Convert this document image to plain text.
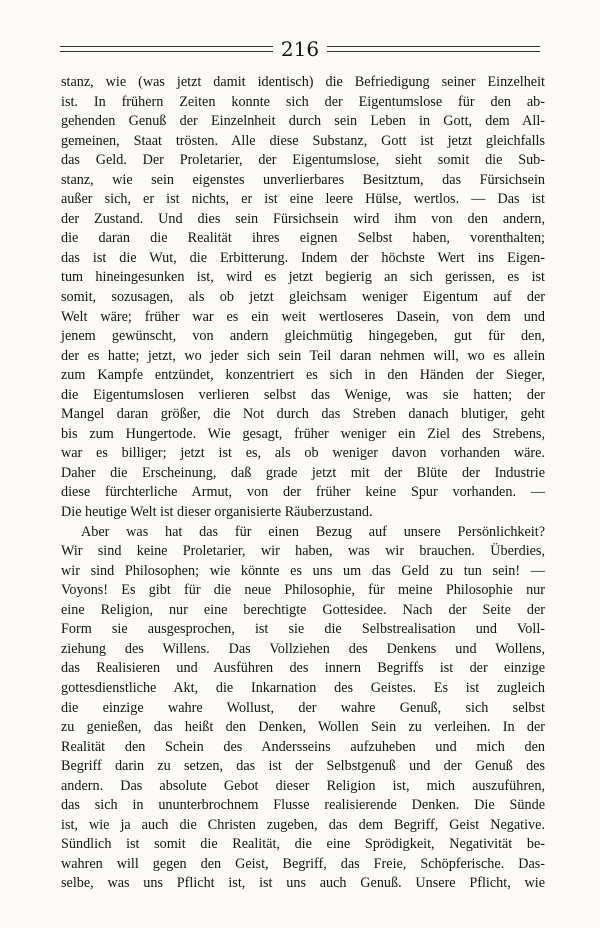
216
stanz, wie (was jetzt damit identisch) die Befriedigung seiner Einzelheit
ist. In frühern Zeiten konnte sich der Eigentumslose für den ab-
gehenden Genuß der Einzelnheit durch sein Leben in Gott, dem All-
gemeinen, Staat trösten. Alle diese Substanz, Gott ist jetzt gleichfalls
das Geld. Der Proletarier, der Eigentumslose, sieht somit die Sub-
stanz, wie sein eigenstes unverlierbares Besitztum, das Fürsichsein
außer sich, er ist nichts, er ist eine leere Hülse, wertlos. — Das ist
der Zustand. Und dies sein Fürsichsein wird ihm von den andern,
die daran die Realität ihres eignen Selbst haben, vorenthalten;
das ist die Wut, die Erbitterung. Indem der höchste Wert ins Eigen-
tum hineingesunken ist, wird es jetzt begierig an sich gerissen, es ist
somit, sozusagen, als ob jetzt gleichsam weniger Eigentum auf der
Welt wäre; früher war es ein weit wertloseres Dasein, von dem und
jenem gewünscht, von andern gleichmütig hingegeben, gut für den,
der es hatte; jetzt, wo jeder sich sein Teil daran nehmen will, wo es allein
zum Kampfe entzündet, konzentriert es sich in den Händen der Sieger,
die Eigentumslosen verlieren selbst das Wenige, was sie hatten; der
Mangel daran größer, die Not durch das Streben danach blutiger, geht
bis zum Hungertode. Wie gesagt, früher weniger ein Ziel des Strebens,
war es billiger; jetzt ist es, als ob weniger davon vorhanden wäre.
Daher die Erscheinung, daß grade jetzt mit der Blüte der Industrie
diese fürchterliche Armut, von der früher keine Spur vorhanden. —
Die heutige Welt ist dieser organisierte Räuberzustand.
Aber was hat das für einen Bezug auf unsere Persönlichkeit?
Wir sind keine Proletarier, wir haben, was wir brauchen. Überdies,
wir sind Philosophen; wie könnte es uns um das Geld zu tun sein! —
Voyons! Es gibt für die neue Philosophie, für meine Philosophie nur
eine Religion, nur eine berechtigte Gottesidee. Nach der Seite der
Form sie ausgesprochen, ist sie die Selbstrealisation und Voll-
ziehung des Willens. Das Vollziehen des Denkens und Wollens,
das Realisieren und Ausführen des innern Begriffs ist der einzige
gottesdienstliche Akt, die Inkarnation des Geistes. Es ist zugleich
die einzige wahre Wollust, der wahre Genuß, sich selbst
zu genießen, das heißt den Denken, Wollen Sein zu verleihen. In der
Realität den Schein des Andersseins aufzuheben und mich den
Begriff darin zu setzen, das ist der Selbstgenuß und der Genuß des
andern. Das absolute Gebot dieser Religion ist, mich auszuführen,
das sich in ununterbrochnem Flusse realisierende Denken. Die Sünde
ist, wie ja auch die Christen zugeben, das dem Begriff, Geist Negative.
Sündlich ist somit die Realität, die eine Sprödigkeit, Negativität be-
wahren will gegen den Geist, Begriff, das Freie, Schöpferische. Das-
selbe, was uns Pflicht ist, ist uns auch Genuß. Unsere Pflicht, wie
